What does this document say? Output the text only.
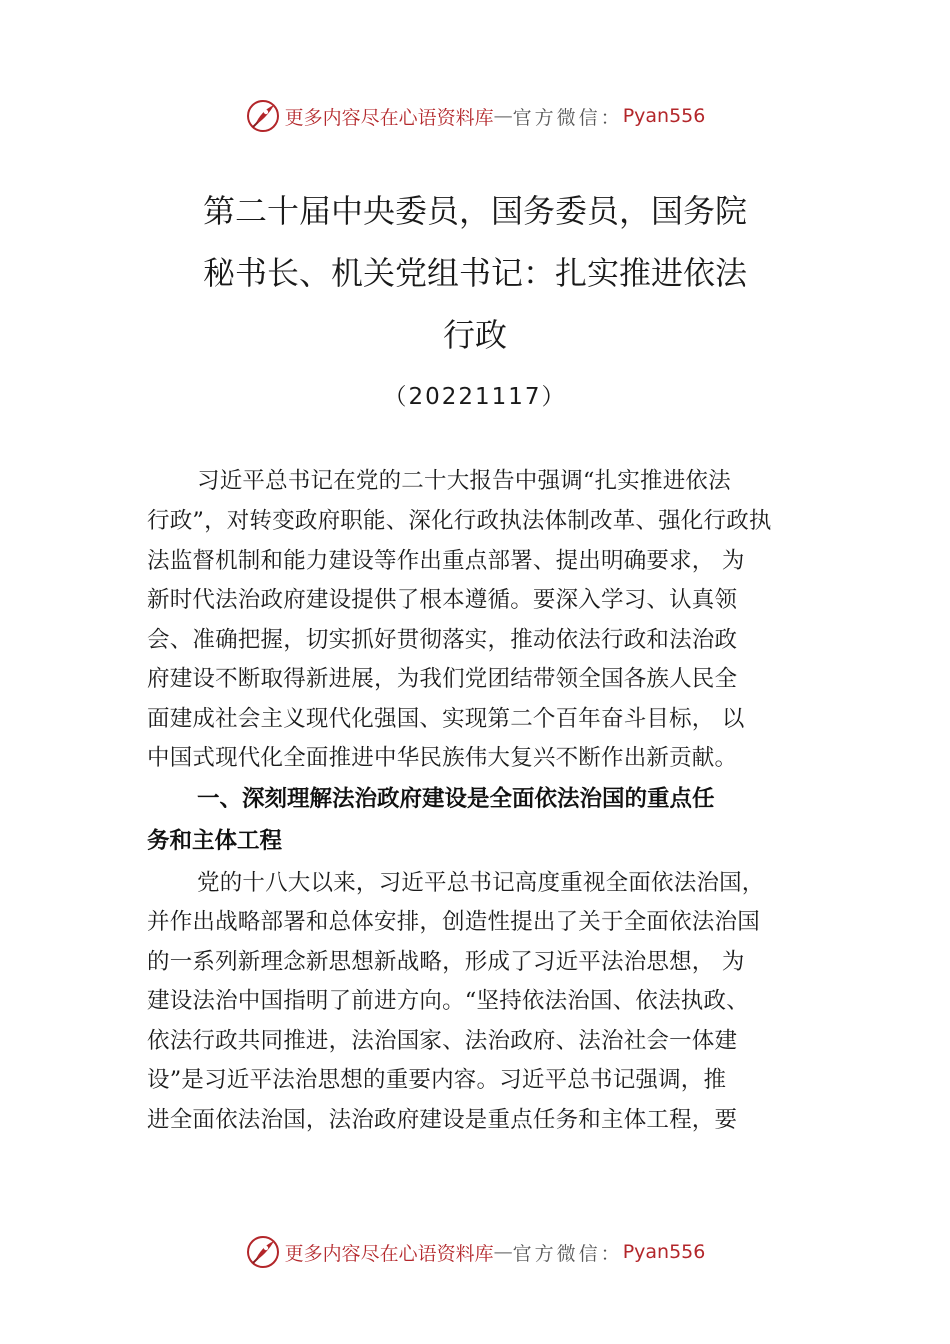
更多内容尽在心语资料库 — 官方微信： Pyan556
第二十届中央委员，国务委员，国务院
秘书长、机关党组书记：扎实推进依法
行政
（20221117）
习近平总书记在党的二十大报告中强调“扎实推进依法
行政”，对转变政府职能、深化行政执法体制改革、强化行政执
法监督机制和能力建设等作出重点部署、提出明确要求， 为
新时代法治政府建设提供了根本遵循。要深入学习、认真领
会、准确把握，切实抓好贯彻落实，推动依法行政和法治政
府建设不断取得新进展，为我们党团结带领全国各族人民全
面建成社会主义现代化强国、实现第二个百年奋斗目标， 以
中国式现代化全面推进中华民族伟大复兴不断作出新贡献。
一、深刻理解法治政府建设是全面依法治国的重点任
务和主体工程
党的十八大以来，习近平总书记高度重视全面依法治国，
并作出战略部署和总体安排，创造性提出了关于全面依法治国
的一系列新理念新思想新战略，形成了习近平法治思想， 为
建设法治中国指明了前进方向。“坚持依法治国、依法执政、
依法行政共同推进，法治国家、法治政府、法治社会一体建
设”是习近平法治思想的重要内容。习近平总书记强调，推
进全面依法治国，法治政府建设是重点任务和主体工程，要
更多内容尽在心语资料库 — 官方微信： Pyan556
